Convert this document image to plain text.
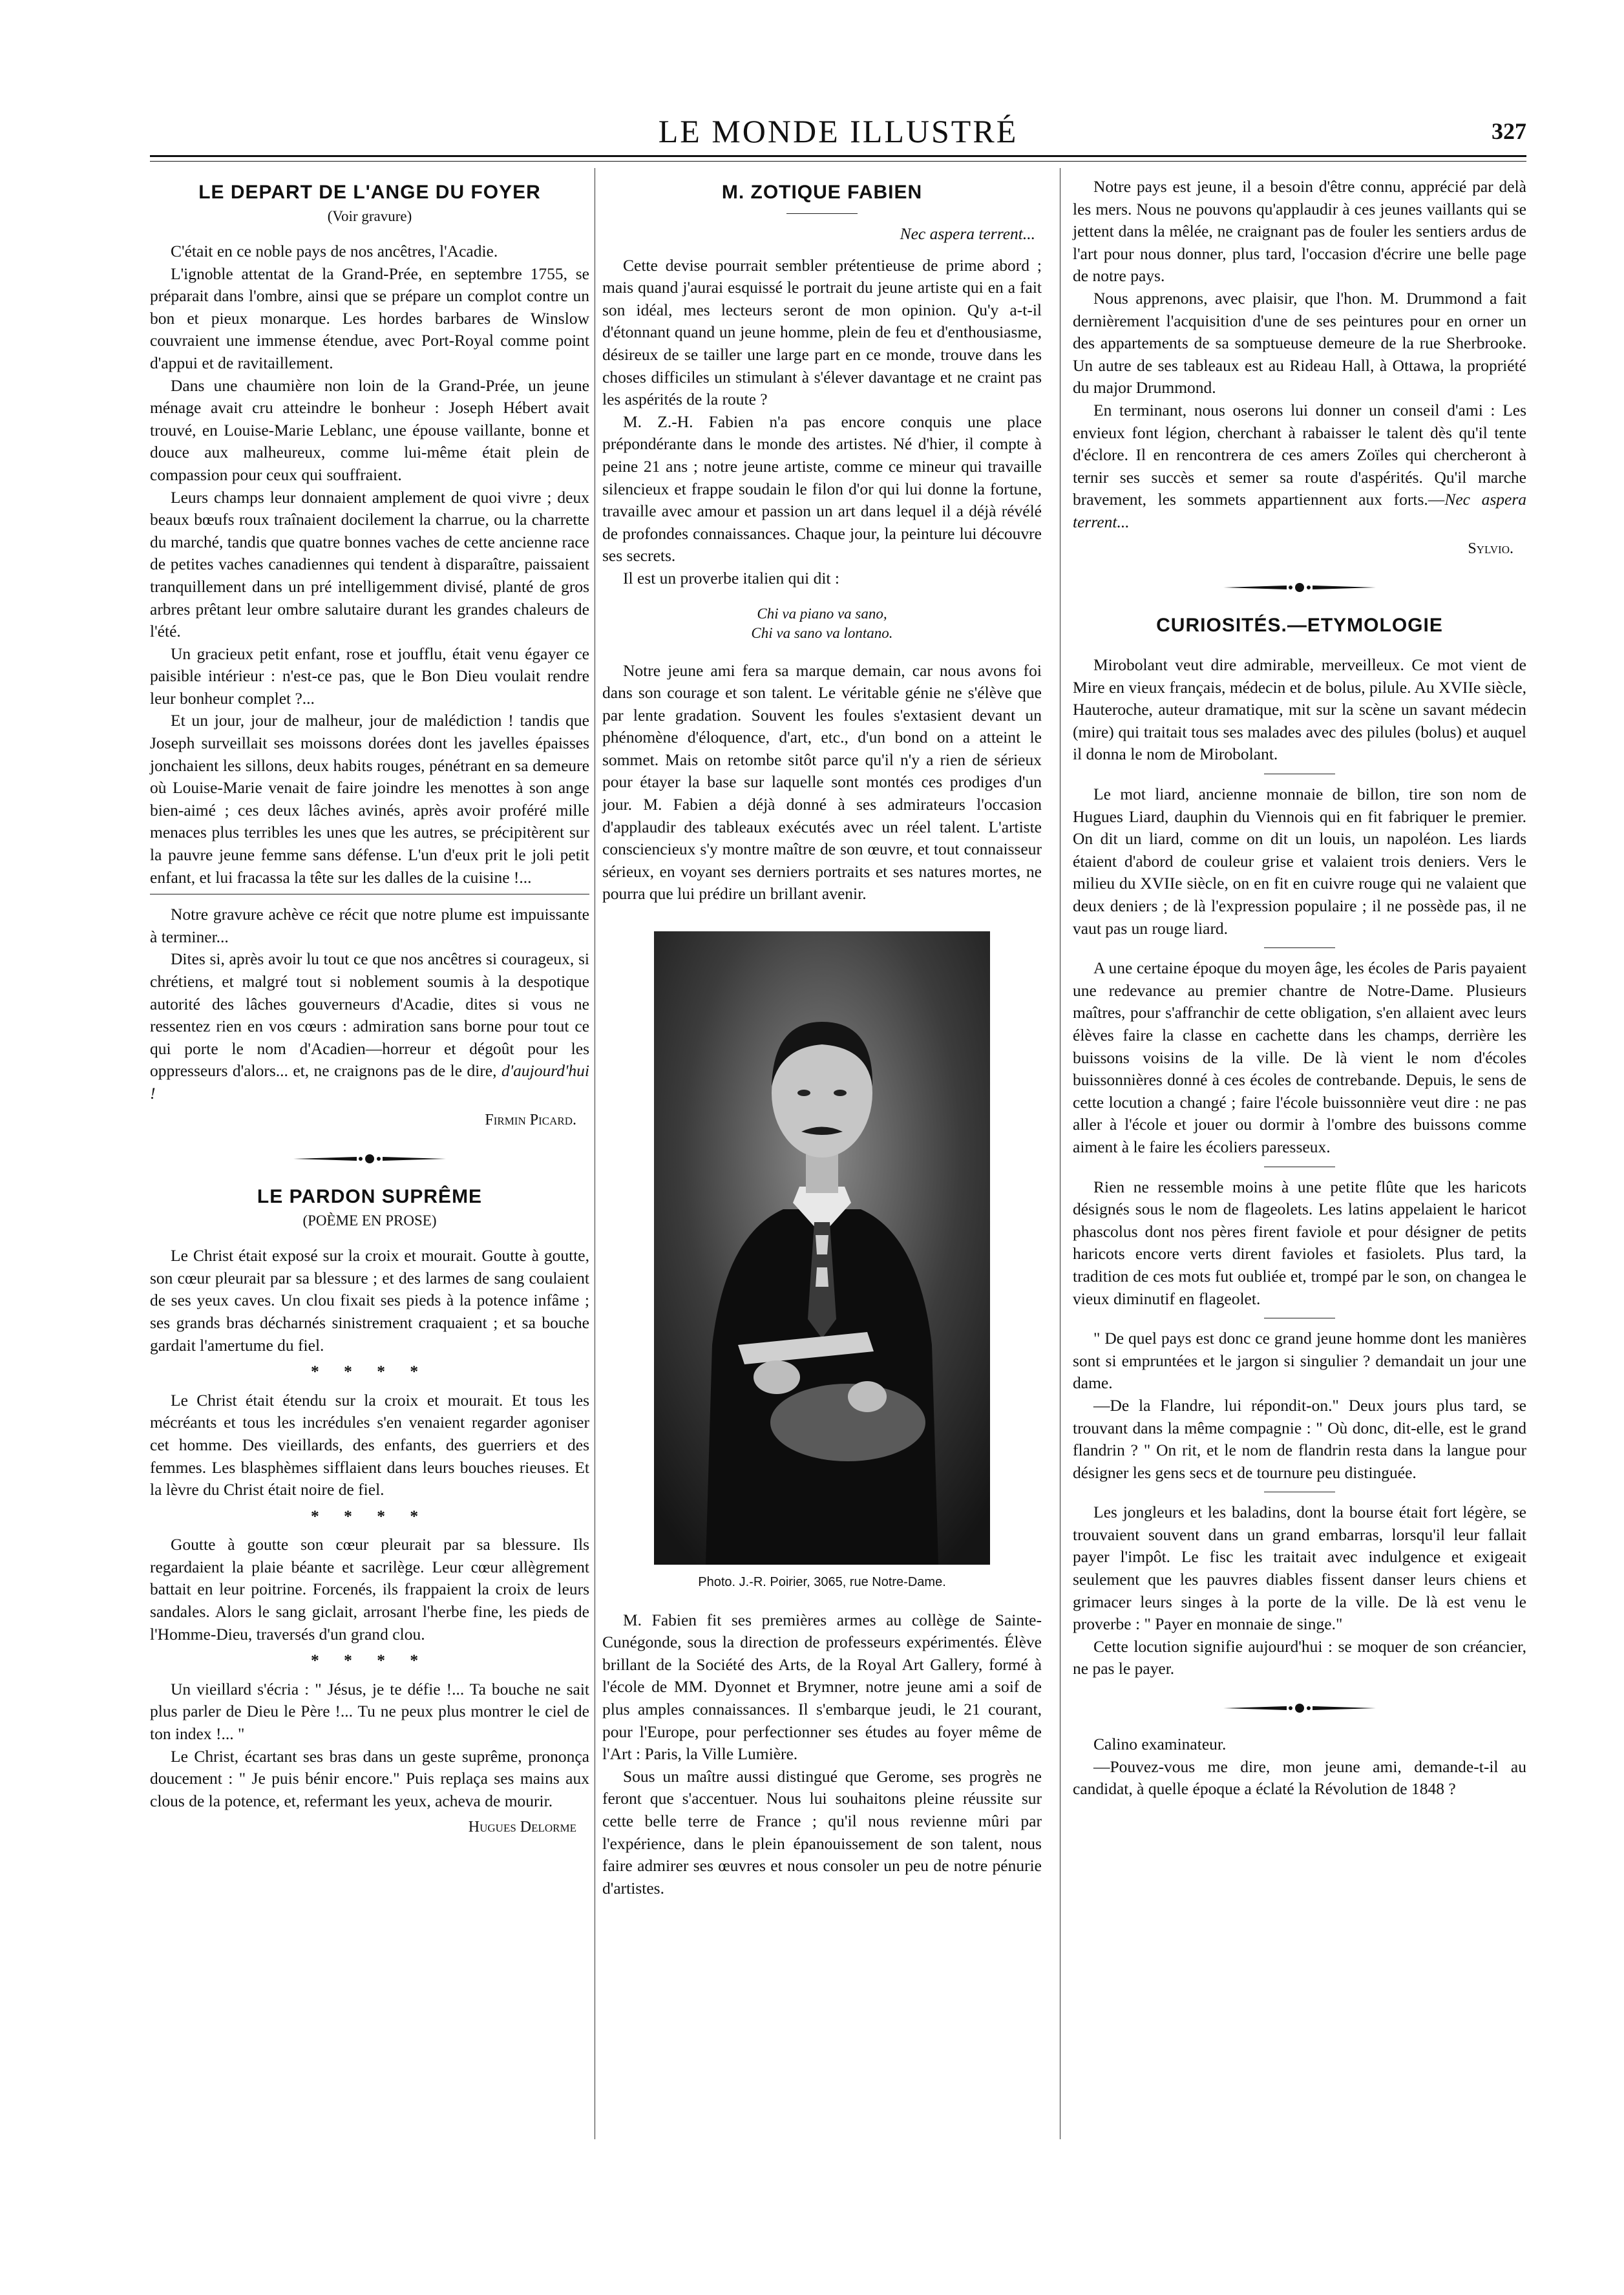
LE MONDE ILLUSTRÉ	327
LE DEPART DE L'ANGE DU FOYER
(Voir gravure)

C'était en ce noble pays de nos ancêtres, l'Acadie.

L'ignoble attentat de la Grand-Prée, en septembre 1755, se préparait dans l'ombre, ainsi que se prépare un complot contre un bon et pieux monarque. Les hordes barbares de Winslow couvraient une immense étendue, avec Port-Royal comme point d'appui et de ravitaillement.

Dans une chaumière non loin de la Grand-Prée, un jeune ménage avait cru atteindre le bonheur : Joseph Hébert avait trouvé, en Louise-Marie Leblanc, une épouse vaillante, bonne et douce aux malheureux, comme lui-même était plein de compassion pour ceux qui souffraient.

Leurs champs leur donnaient amplement de quoi vivre ; deux beaux bœufs roux traînaient docilement la charrue, ou la charrette du marché, tandis que quatre bonnes vaches de cette ancienne race de petites vaches canadiennes qui tendent à disparaître, paissaient tranquillement dans un pré intelligemment divisé, planté de gros arbres prêtant leur ombre salutaire durant les grandes chaleurs de l'été.

Un gracieux petit enfant, rose et joufflu, était venu égayer ce paisible intérieur : n'est-ce pas, que le Bon Dieu voulait rendre leur bonheur complet ?...

Et un jour, jour de malheur, jour de malédiction ! tandis que Joseph surveillait ses moissons dorées dont les javelles épaisses jonchaient les sillons, deux habits rouges, pénétrant en sa demeure où Louise-Marie venait de faire joindre les menottes à son ange bien-aimé ; ces deux lâches avinés, après avoir proféré mille menaces plus terribles les unes que les autres, se précipitèrent sur la pauvre jeune femme sans défense. L'un d'eux prit le joli petit enfant, et lui fracassa la tête sur les dalles de la cuisine !...

Notre gravure achève ce récit que notre plume est impuissante à terminer...

Dites si, après avoir lu tout ce que nos ancêtres si courageux, si chrétiens, et malgré tout si noblement soumis à la despotique autorité des lâches gouverneurs d'Acadie, dites si vous ne ressentez rien en vos cœurs : admiration sans borne pour tout ce qui porte le nom d'Acadien—horreur et dégoût pour les oppresseurs d'alors... et, ne craignons pas de le dire, d'aujourd'hui !

Firmin Picard.
LE PARDON SUPRÊME
(POÈME EN PROSE)

Le Christ était exposé sur la croix et mourait. Goutte à goutte, son cœur pleurait par sa blessure ; et des larmes de sang coulaient de ses yeux caves. Un clou fixait ses pieds à la potence infâme ; ses grands bras décharnés sinistrement craquaient ; et sa bouche gardait l'amertume du fiel.

* * * *

Le Christ était étendu sur la croix et mourait. Et tous les mécréants et tous les incrédules s'en venaient regarder agoniser cet homme. Des vieillards, des enfants, des guerriers et des femmes. Les blasphèmes sifflaient dans leurs bouches rieuses. Et la lèvre du Christ était noire de fiel.

* * * *

Goutte à goutte son cœur pleurait par sa blessure. Ils regardaient la plaie béante et sacrilège. Leur cœur allègrement battait en leur poitrine. Forcenés, ils frappaient la croix de leurs sandales. Alors le sang giclait, arrosant l'herbe fine, les pieds de l'Homme-Dieu, traversés d'un grand clou.

* * * *

Un vieillard s'écria : " Jésus, je te défie !... Ta bouche ne sait plus parler de Dieu le Père !... Tu ne peux plus montrer le ciel de ton index !... "

Le Christ, écartant ses bras dans un geste suprême, prononça doucement : " Je puis bénir encore." Puis replaça ses mains aux clous de la potence, et, refermant les yeux, acheva de mourir.

Hugues Delorme
M. ZOTIQUE FABIEN
Nec aspera terrent...

Cette devise pourrait sembler prétentieuse de prime abord ; mais quand j'aurai esquissé le portrait du jeune artiste qui en a fait son idéal, mes lecteurs seront de mon opinion. Qu'y a-t-il d'étonnant quand un jeune homme, plein de feu et d'enthousiasme, désireux de se tailler une large part en ce monde, trouve dans les choses difficiles un stimulant à s'élever davantage et ne craint pas les aspérités de la route ?

M. Z.-H. Fabien n'a pas encore conquis une place prépondérante dans le monde des artistes. Né d'hier, il compte à peine 21 ans ; notre jeune artiste, comme ce mineur qui travaille silencieux et frappe soudain le filon d'or qui lui donne la fortune, travaille avec amour et passion un art dans lequel il a déjà révélé de profondes connaissances. Chaque jour, la peinture lui découvre ses secrets.

Il est un proverbe italien qui dit :

Chi va piano va sano,
Chi va sano va lontano.

Notre jeune ami fera sa marque demain, car nous avons foi dans son courage et son talent. Le véritable génie ne s'élève que par lente gradation. Souvent les foules s'extasient devant un phénomène d'éloquence, d'art, etc., d'un bond on a atteint le sommet. Mais on retombe sitôt parce qu'il n'y a rien de sérieux pour étayer la base sur laquelle sont montés ces prodiges d'un jour. M. Fabien a déjà donné à ses admirateurs l'occasion d'applaudir des tableaux exécutés avec un réel talent. L'artiste consciencieux s'y montre maître de son œuvre, et tout connaisseur sérieux, en voyant ses derniers portraits et ses natures mortes, ne pourra que lui prédire un brillant avenir.

Photo. J.-R. Poirier, 3065, rue Notre-Dame.

M. Fabien fit ses premières armes au collège de Sainte-Cunégonde, sous la direction de professeurs expérimentés. Élève brillant de la Société des Arts, de la Royal Art Gallery, formé à l'école de MM. Dyonnet et Brymner, notre jeune ami a soif de plus amples connaissances. Il s'embarque jeudi, le 21 courant, pour l'Europe, pour perfectionner ses études au foyer même de l'Art : Paris, la Ville Lumière.

Sous un maître aussi distingué que Gerome, ses progrès ne feront que s'accentuer. Nous lui souhaitons pleine réussite sur cette belle terre de France ; qu'il nous revienne mûri par l'expérience, dans le plein épanouissement de son talent, nous faire admirer ses œuvres et nous consoler un peu de notre pénurie d'artistes.

Notre pays est jeune, il a besoin d'être connu, apprécié par delà les mers. Nous ne pouvons qu'applaudir à ces jeunes vaillants qui se jettent dans la mêlée, ne craignant pas de fouler les sentiers ardus de l'art pour nous donner, plus tard, l'occasion d'écrire une belle page de notre pays.

Nous apprenons, avec plaisir, que l'hon. M. Drummond a fait dernièrement l'acquisition d'une de ses peintures pour en orner un des appartements de sa somptueuse demeure de la rue Sherbrooke. Un autre de ses tableaux est au Rideau Hall, à Ottawa, la propriété du major Drummond.

En terminant, nous oserons lui donner un conseil d'ami : Les envieux font légion, cherchant à rabaisser le talent dès qu'il tente d'éclore. Il en rencontrera de ces amers Zoïles qui chercheront à ternir ses succès et semer sa route d'aspérités. Qu'il marche bravement, les sommets appartiennent aux forts.—Nec aspera terrent...

Sylvio.
CURIOSITÉS.—ETYMOLOGIE

Mirobolant veut dire admirable, merveilleux. Ce mot vient de Mire en vieux français, médecin et de bolus, pilule. Au XVIIe siècle, Hauteroche, auteur dramatique, mit sur la scène un savant médecin (mire) qui traitait tous ses malades avec des pilules (bolus) et auquel il donna le nom de Mirobolant.

Le mot liard, ancienne monnaie de billon, tire son nom de Hugues Liard, dauphin du Viennois qui en fit fabriquer le premier. On dit un liard, comme on dit un louis, un napoléon. Les liards étaient d'abord de couleur grise et valaient trois deniers. Vers le milieu du XVIIe siècle, on en fit en cuivre rouge qui ne valaient que deux deniers ; de là l'expression populaire ; il ne possède pas, il ne vaut pas un rouge liard.

A une certaine époque du moyen âge, les écoles de Paris payaient une redevance au premier chantre de Notre-Dame. Plusieurs maîtres, pour s'affranchir de cette obligation, s'en allaient avec leurs élèves faire la classe en cachette dans les champs, derrière les buissons voisins de la ville. De là vient le nom d'écoles buissonnières donné à ces écoles de contrebande. Depuis, le sens de cette locution a changé ; faire l'école buissonnière veut dire : ne pas aller à l'école et jouer ou dormir à l'ombre des buissons comme aiment à le faire les écoliers paresseux.

Rien ne ressemble moins à une petite flûte que les haricots désignés sous le nom de flageolets. Les latins appelaient le haricot phascolus dont nos pères firent faviole et pour désigner de petits haricots encore verts dirent favioles et fasiolets. Plus tard, la tradition de ces mots fut oubliée et, trompé par le son, on changea le vieux diminutif en flageolet.

" De quel pays est donc ce grand jeune homme dont les manières sont si empruntées et le jargon si singulier ? demandait un jour une dame.

—De la Flandre, lui répondit-on." Deux jours plus tard, se trouvant dans la même compagnie : " Où donc, dit-elle, est le grand flandrin ? " On rit, et le nom de flandrin resta dans la langue pour désigner les gens secs et de tournure peu distinguée.

Les jongleurs et les baladins, dont la bourse était fort légère, se trouvaient souvent dans un grand embarras, lorsqu'il leur fallait payer l'impôt. Le fisc les traitait avec indulgence et exigeait seulement que les pauvres diables fissent danser leurs chiens et grimacer leurs singes à la porte de la ville. De là est venu le proverbe : " Payer en monnaie de singe."

Cette locution signifie aujourd'hui : se moquer de son créancier, ne pas le payer.

Calino examinateur.

—Pouvez-vous me dire, mon jeune ami, demande-t-il au candidat, à quelle époque a éclaté la Révolution de 1848 ?
